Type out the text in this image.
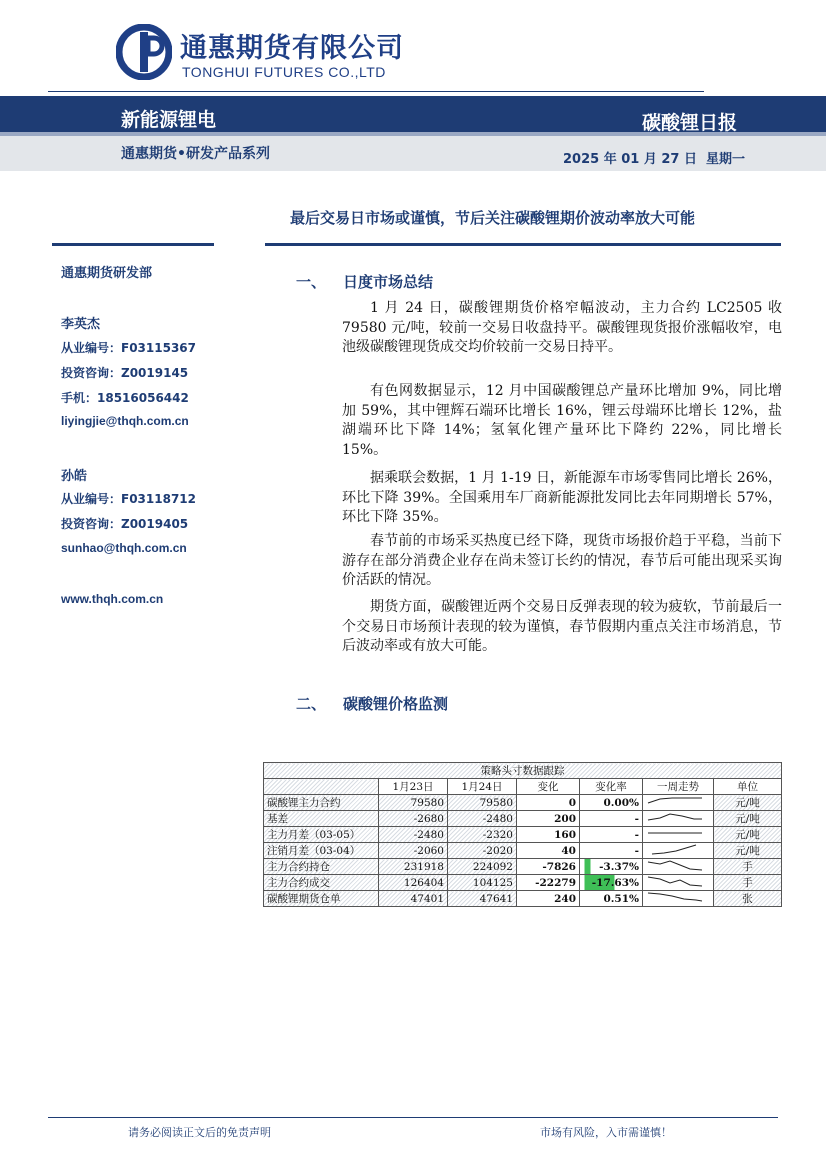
通惠期货有限公司
TONGHUI FUTURES CO.,LTD
新能源锂电	碳酸锂日报
通惠期货•研发产品系列	2025 年 01 月 27 日 星期一
最后交易日市场或谨慎，节后关注碳酸锂期价波动率放大可能
通惠期货研发部
李英杰
从业编号：F03115367
投资咨询：Z0019145
手机：18516056442
liyingjie@thqh.com.cn
孙皓
从业编号：F03118712
投资咨询：Z0019405
sunhao@thqh.com.cn
www.thqh.com.cn
一、 日度市场总结
1 月 24 日，碳酸锂期货价格窄幅波动，主力合约 LC2505 收 79580 元/吨，较前一交易日收盘持平。碳酸锂现货报价涨幅收窄，电池级碳酸锂现货成交均价较前一交易日持平。
有色网数据显示，12 月中国碳酸锂总产量环比增加 9%，同比增加 59%，其中锂辉石端环比增长 16%，锂云母端环比增长 12%，盐湖端环比下降 14%；氢氧化锂产量环比下降约 22%，同比增长 15%。
据乘联会数据，1 月 1-19 日，新能源车市场零售同比增长 26%，环比下降 39%。全国乘用车厂商新能源批发同比去年同期增长 57%，环比下降 35%。
春节前的市场采买热度已经下降，现货市场报价趋于平稳，当前下游存在部分消费企业存在尚未签订长约的情况，春节后可能出现采买询价活跃的情况。
期货方面，碳酸锂近两个交易日反弹表现的较为疲软，节前最后一个交易日市场预计表现的较为谨慎，春节假期内重点关注市场消息，节后波动率或有放大可能。
二、 碳酸锂价格监测
策略头寸数据跟踪						
	1月23日	1月24日	变化	变化率	一周走势	单位
碳酸锂主力合约	79580	79580	0	0.00%		元/吨
基差	-2680	-2480	200	-		元/吨
主力月差（03-05）	-2480	-2320	160	-		元/吨
注销月差（03-04）	-2060	-2020	40	-		元/吨
主力合约持仓	231918	224092	-7826	-3.37%		手
主力合约成交	126404	104125	-22279	-17.63%		手
碳酸锂期货仓单	47401	47641	240	0.51%		张
请务必阅读正文后的免责声明	市场有风险，入市需谨慎！
